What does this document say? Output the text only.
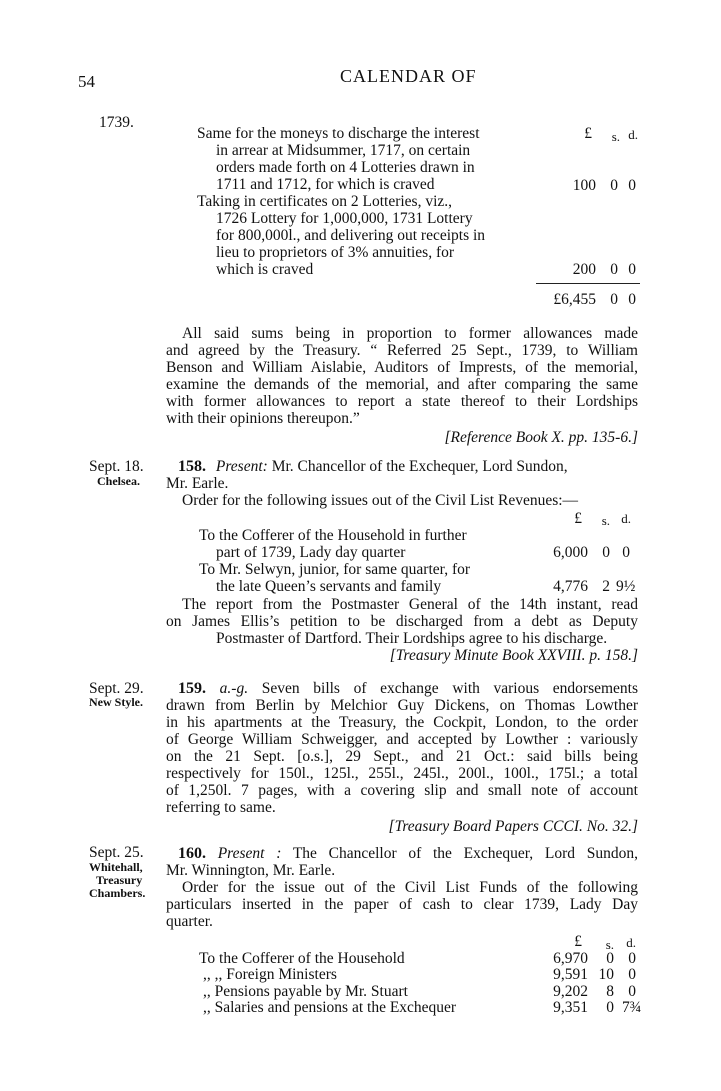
54	CALENDAR OF
1739.
£	s. d.
Same for the moneys to discharge the interest
in arrear at Midsummer, 1717, on certain
orders made forth on 4 Lotteries drawn in
1711 and 1712, for which is craved	100 0 0
Taking in certificates on 2 Lotteries, viz.,
1726 Lottery for 1,000,000, 1731 Lottery
for 800,000l., and delivering out receipts in
lieu to proprietors of 3% annuities, for
which is craved	200 0 0
£6,455 0 0
All said sums being in proportion to former allowances made
and agreed by the Treasury. “ Referred 25 Sept., 1739, to William
Benson and William Aislabie, Auditors of Imprests, of the memorial,
examine the demands of the memorial, and after comparing the same
with former allowances to report a state thereof to their Lordships
with their opinions thereupon.”
[Reference Book X. pp. 135-6.]
Sept. 18.
Chelsea.
158. Present: Mr. Chancellor of the Exchequer, Lord Sundon,
Mr. Earle.
Order for the following issues out of the Civil List Revenues:—
£	s. d.
To the Cofferer of the Household in further
part of 1739, Lady day quarter	6,000 0 0
To Mr. Selwyn, junior, for same quarter, for
the late Queen’s servants and family	4,776 2 9½
The report from the Postmaster General of the 14th instant, read
on James Ellis’s petition to be discharged from a debt as Deputy
Postmaster of Dartford. Their Lordships agree to his discharge.
[Treasury Minute Book XXVIII. p. 158.]
Sept. 29.
New Style.
159. a.-g. Seven bills of exchange with various endorsements
drawn from Berlin by Melchior Guy Dickens, on Thomas Lowther
in his apartments at the Treasury, the Cockpit, London, to the order
of George William Schweigger, and accepted by Lowther : variously
on the 21 Sept. [o.s.], 29 Sept., and 21 Oct.: said bills being
respectively for 150l., 125l., 255l., 245l., 200l., 100l., 175l.; a total
of 1,250l. 7 pages, with a covering slip and small note of account
referring to same.
[Treasury Board Papers CCCI. No. 32.]
Sept. 25.
Whitehall,
Treasury
Chambers.
160. Present : The Chancellor of the Exchequer, Lord Sundon,
Mr. Winnington, Mr. Earle.
Order for the issue out of the Civil List Funds of the following
particulars inserted in the paper of cash to clear 1739, Lady Day
quarter.
£	s. d.
To the Cofferer of the Household	6,970	0 0
,, ,, Foreign Ministers	9,591 10 0
,, Pensions payable by Mr. Stuart	9,202	8 0
,, Salaries and pensions at the Exchequer	9,351	0 7¾
